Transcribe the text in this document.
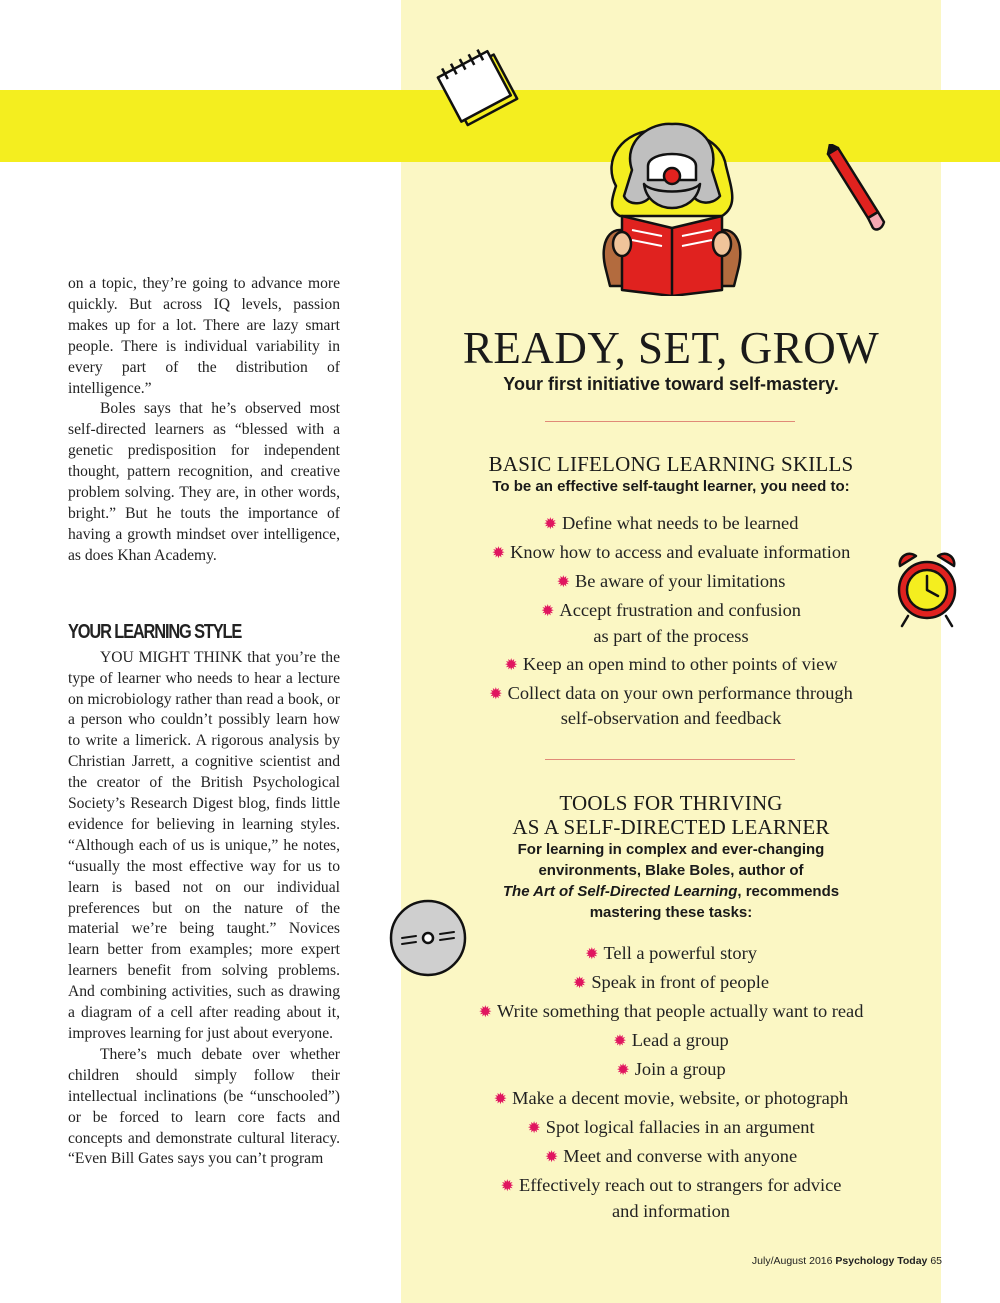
on a topic, they’re going to advance more quickly. But across IQ levels, passion makes up for a lot. There are lazy smart people. There is individual variability in every part of the distribution of intelligence.”

Boles says that he’s observed most self-directed learners as “blessed with a genetic predisposition for independent thought, pattern recognition, and creative problem solving. They are, in other words, bright.” But he touts the importance of having a growth mindset over intelligence, as does Khan Academy.

YOUR LEARNING STYLE

YOU MIGHT THINK that you’re the type of learner who needs to hear a lecture on microbiology rather than read a book, or a person who couldn’t possibly learn how to write a limerick. A rigorous analysis by Christian Jarrett, a cognitive scientist and the creator of the British Psychological Society’s Research Digest blog, finds little evidence for believing in learning styles. “Although each of us is unique,” he notes, “usually the most effective way for us to learn is based not on our individual preferences but on the nature of the material we’re being taught.” Novices learn better from examples; more expert learners benefit from solving problems. And combining activities, such as drawing a diagram of a cell after reading about it, improves learning for just about everyone.

There’s much debate over whether children should simply follow their intellectual inclinations (be “unschooled”) or be forced to learn core facts and concepts and demonstrate cultural literacy. “Even Bill Gates says you can’t program

READY, SET, GROW
Your first initiative toward self-mastery.
BASIC LIFELONG LEARNING SKILLS
To be an effective self-taught learner, you need to:
✹ Define what needs to be learned
✹ Know how to access and evaluate information
✹ Be aware of your limitations
✹ Accept frustration and confusion
as part of the process
✹ Keep an open mind to other points of view
✹ Collect data on your own performance through
self-observation and feedback
TOOLS FOR THRIVING
AS A SELF-DIRECTED LEARNER
For learning in complex and ever-changing
environments, Blake Boles, author of
The Art of Self-Directed Learning, recommends
mastering these tasks:
✹ Tell a powerful story
✹ Speak in front of people
✹ Write something that people actually want to read
✹ Lead a group
✹ Join a group
✹ Make a decent movie, website, or photograph
✹ Spot logical fallacies in an argument
✹ Meet and converse with anyone
✹ Effectively reach out to strangers for advice
and information
July/August 2016 Psychology Today 65
